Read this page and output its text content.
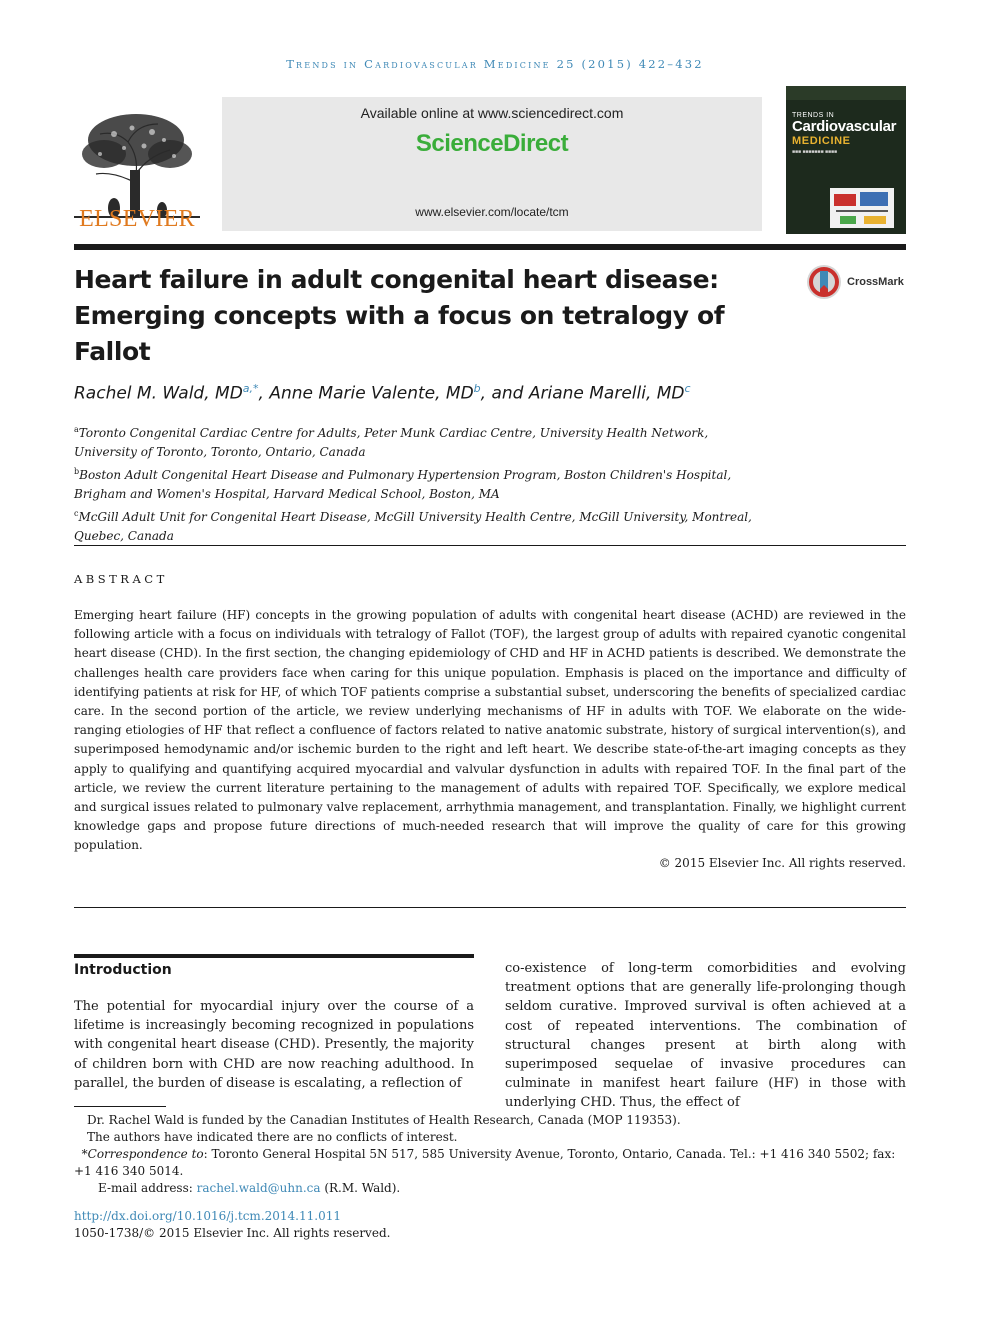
Trends in Cardiovascular Medicine 25 (2015) 422–432
ELSEVIER
Available online at www.sciencedirect.com
ScienceDirect
www.elsevier.com/locate/tcm
TRENDS IN
Cardiovascular
MEDICINE
■■■ ■■■■■■■ ■■■■
Heart failure in adult congenital heart disease: Emerging concepts with a focus on tetralogy of Fallot
CrossMark
Rachel M. Wald, $MD^{a,*}$, Anne Marie Valente, $MD^b$, and Ariane Marelli, $MD^c$

$^a$Toronto Congenital Cardiac Centre for Adults, Peter Munk Cardiac Centre, University Health Network, University of Toronto, Toronto, Ontario, Canada

$^b$Boston Adult Congenital Heart Disease and Pulmonary Hypertension Program, Boston Children's Hospital, Brigham and Women's Hospital, Harvard Medical School, Boston, MA

$^c$McGill Adult Unit for Congenital Heart Disease, McGill University Health Centre, McGill University, Montreal, Quebec, Canada

ABSTRACT

Emerging heart failure (HF) concepts in the growing population of adults with congenital heart disease (ACHD) are reviewed in the following article with a focus on individuals with tetralogy of Fallot (TOF), the largest group of adults with repaired cyanotic congenital heart disease (CHD). In the first section, the changing epidemiology of CHD and HF in ACHD patients is described. We demonstrate the challenges health care providers face when caring for this unique population. Emphasis is placed on the importance and difficulty of identifying patients at risk for HF, of which TOF patients comprise a substantial subset, underscoring the benefits of specialized cardiac care. In the second portion of the article, we review underlying mechanisms of HF in adults with TOF. We elaborate on the wide-ranging etiologies of HF that reflect a confluence of factors related to native anatomic substrate, history of surgical intervention(s), and superimposed hemodynamic and/or ischemic burden to the right and left heart. We describe state-of-the-art imaging concepts as they apply to qualifying and quantifying acquired myocardial and valvular dysfunction in adults with repaired TOF. In the final part of the article, we review the current literature pertaining to the management of adults with repaired TOF. Specifically, we explore medical and surgical issues related to pulmonary valve replacement, arrhythmia management, and transplantation. Finally, we highlight current knowledge gaps and propose future directions of much-needed research that will improve the quality of care for this growing population.

© 2015 Elsevier Inc. All rights reserved.
Introduction

The potential for myocardial injury over the course of a lifetime is increasingly becoming recognized in populations with congenital heart disease (CHD). Presently, the majority of children born with CHD are now reaching adulthood. In parallel, the burden of disease is escalating, a reflection of

co-existence of long-term comorbidities and evolving treatment options that are generally life-prolonging though seldom curative. Improved survival is often achieved at a cost of repeated interventions. The combination of structural changes present at birth along with superimposed sequelae of invasive procedures can culminate in manifest heart failure (HF) in those with underlying CHD. Thus, the effect of

Dr. Rachel Wald is funded by the Canadian Institutes of Health Research, Canada (MOP 119353).

The authors have indicated there are no conflicts of interest.

*Correspondence to: Toronto General Hospital 5N 517, 585 University Avenue, Toronto, Ontario, Canada. Tel.: +1 416 340 5502; fax: +1 416 340 5014.

E-mail address: rachel.wald@uhn.ca (R.M. Wald).

http://dx.doi.org/10.1016/j.tcm.2014.11.011
1050-1738/© 2015 Elsevier Inc. All rights reserved.
